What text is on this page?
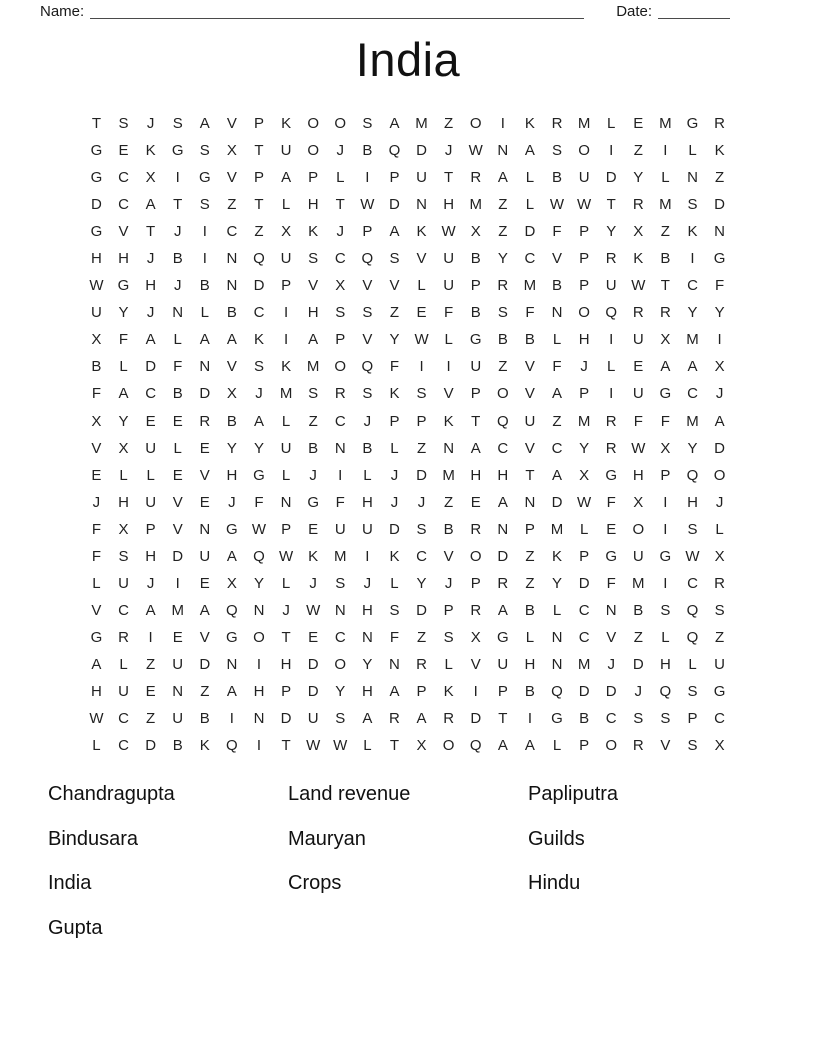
Name:	Date:
India
T	S	J	S	A	V	P	K	O	O	S	A	M	Z	O	I	K	R	M	L	E	M	G	R
G	E	K	G	S	X	T	U	O	J	B	Q	D	J	W N	A	S	O	I	Z	I	L	K
G	C	X	I	G	V	P	A	P	L	I	P	U	T	R	A	L	B	U	D	Y	L	N	Z
D	C	A	T	S	Z	T	L	H	T	W D	N	H	M	Z	L	W W	T	R	M	S	D
G	V	T	J	I	C	Z	X	K	J	P	A	K	W	X	Z	D	F	P	Y	X	Z	K	N
H	H	J	B	I	N	Q	U	S	C	Q	S	V	U	B	Y	C	V	P	R	K	B	I	G
W G	H	J	B	N	D	P	V	X	V	V	L	U	P	R	M	B	P	U W	T	C	F
U	Y	J	N	L	B	C	I	H	S	S	Z	E	F	B	S	F	N	O	Q	R	R	Y	Y
X	F	A	L	A	A	K	I	A	P	V	Y	W	L	G	B	B	L	H	I	U	X	M	I
B	L	D	F	N	V	S	K	M	O	Q	F	I	I	U	Z	V	F	J	L	E	A	A	X
F	A	C	B	D	X	J	M	S	R	S	K	S	V	P	O	V	A	P	I	U	G	C	J
X	Y	E	E	R	B	A	L	Z	C	J	P	P	K	T	Q	U	Z	M	R	F	F	M	A
V	X	U	L	E	Y	Y	U	B	N	B	L	Z	N	A	C	V	C	Y	R W	X	Y	D
E	L	L	E	V	H	G	L	J	I	L	J	D	M	H	H	T	A	X	G	H	P	Q	O
J	H	U	V	E	J	F	N	G	F	H	J	J	Z	E	A	N	D W	F	X	I	H	J
F	X	P	V	N	G W	P	E	U	U	D	S	B	R	N	P	M	L	E	O	I	S	L
F	S	H	D	U	A	Q W	K	M	I	K	C	V	O	D	Z	K	P	G	U	G W	X
L	U	J	I	E	X	Y	L	J	S	J	L	Y	J	P	R	Z	Y	D	F	M	I	C	R
V	C	A	M	A	Q	N	J	W N	H	S	D	P	R	A	B	L	C	N	B	S	Q	S
G	R	I	E	V	G	O	T	E	C	N	F	Z	S	X	G	L	N	C	V	Z	L	Q	Z
A	L	Z	U	D	N	I	H	D	O	Y	N	R	L	V	U	H	N	M	J	D	H	L	U
H	U	E	N	Z	A	H	P	D	Y	H	A	P	K	I	P	B	Q	D	D	J	Q	S	G
W C	Z	U	B	I	N	D	U	S	A	R	A	R	D	T	I	G	B	C	S	S	P	C
L	C	D	B	K	Q	I	T	W W	L	T	X	O	Q	A	A	L	P	O	R	V	S	X
Chandragupta
Bindusara
India
Gupta
Land revenue
Mauryan
Crops
Papliputra
Guilds
Hindu
